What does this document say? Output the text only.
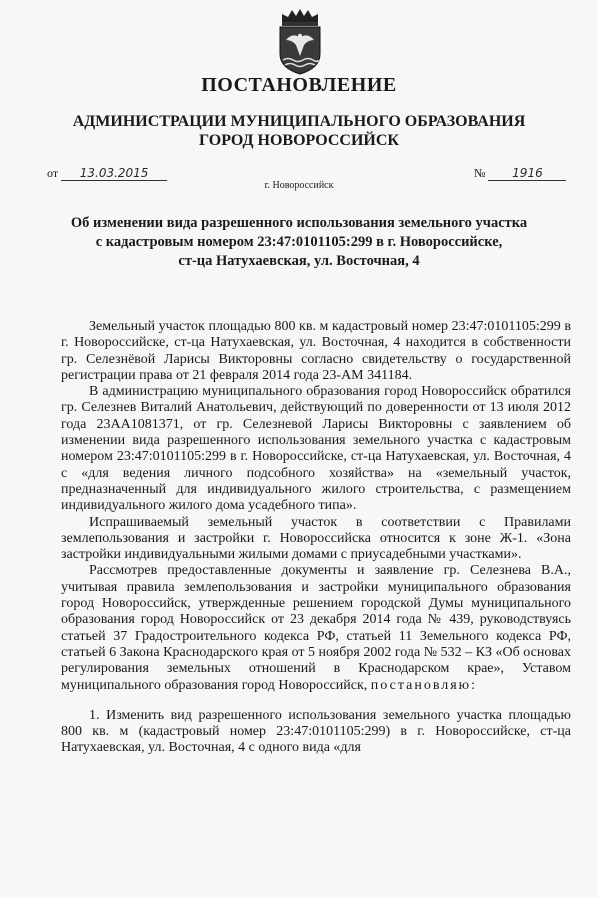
ПОСТАНОВЛЕНИЕ
АДМИНИСТРАЦИИ МУНИЦИПАЛЬНОГО ОБРАЗОВАНИЯ
ГОРОД НОВОРОССИЙСК
от 13.03.2015	№ 1916
г. Новороссийск
Об изменении вида разрешенного использования земельного участка
с кадастровым номером 23:47:0101105:299 в г. Новороссийске,
ст-ца Натухаевская, ул. Восточная, 4

Земельный участок площадью 800 кв. м кадастровый номер 23:47:0101105:299 в г. Новороссийске, ст-ца Натухаевская, ул. Восточная, 4 находится в собственности гр. Селезнёвой Ларисы Викторовны согласно свидетельству о государственной регистрации права от 21 февраля 2014 года 23-АМ 341184.

В администрацию муниципального образования город Новороссийск обратился гр. Селезнев Виталий Анатольевич, действующий по доверенности от 13 июля 2012 года 23АА1081371, от гр. Селезневой Ларисы Викторовны с заявлением об изменении вида разрешенного использования земельного участка с кадастровым номером 23:47:0101105:299 в г. Новороссийске, ст-ца Натухаевская, ул. Восточная, 4 с «для ведения личного подсобного хозяйства» на «земельный участок, предназначенный для индивидуального жилого строительства, с размещением индивидуального жилого дома усадебного типа».

Испрашиваемый земельный участок в соответствии с Правилами землепользования и застройки г. Новороссийска относится к зоне Ж-1. «Зона застройки индивидуальными жилыми домами с приусадебными участками».

Рассмотрев предоставленные документы и заявление гр. Селезнева В.А., учитывая правила землепользования и застройки муниципального образования город Новороссийск, утвержденные решением городской Думы муниципального образования город Новороссийск от 23 декабря 2014 года № 439, руководствуясь статьей 37 Градостроительного кодекса РФ, статьей 11 Земельного кодекса РФ, статьей 6 Закона Краснодарского края от 5 ноября 2002 года № 532 – КЗ «Об основах регулирования земельных отношений в Краснодарском крае», Уставом муниципального образования город Новороссийск, постановляю:

1. Изменить вид разрешенного использования земельного участка площадью 800 кв. м (кадастровый номер 23:47:0101105:299) в г. Новороссийске, ст-ца Натухаевская, ул. Восточная, 4 с одного вида «для
